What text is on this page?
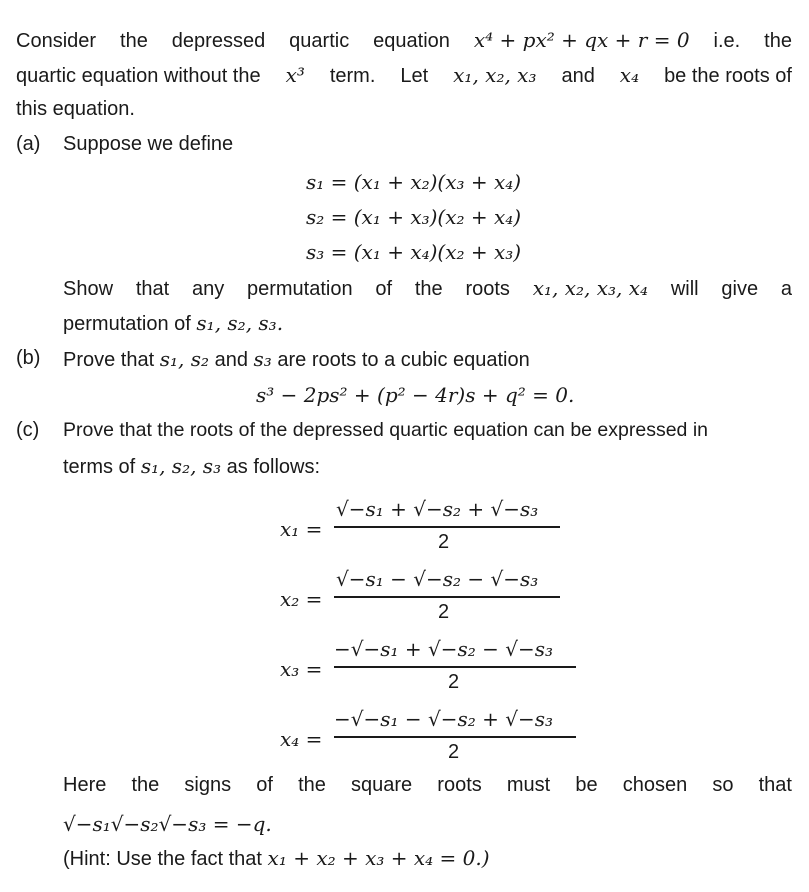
Consider the depressed quartic equation x⁴ + px² + qx + r = 0 i.e. the
quartic equation without the x³ term. Let x₁, x₂, x₃ and x₄ be the roots of
this equation.
(a) Suppose we define
s₁ = (x₁ + x₂)(x₃ + x₄)
s₂ = (x₁ + x₃)(x₂ + x₄)
s₃ = (x₁ + x₄)(x₂ + x₃)
Show that any permutation of the roots x₁, x₂, x₃, x₄ will give a
permutation of s₁, s₂, s₃.
(b) Prove that s₁, s₂ and s₃ are roots to a cubic equation
s³ − 2ps² + (p² − 4r)s + q² = 0.
(c) Prove that the roots of the depressed quartic equation can be expressed in
terms of s₁, s₂, s₃ as follows:
x₁ =
√−s₁ + √−s₂ + √−s₃
2
x₂ =
√−s₁ − √−s₂ − √−s₃
2
x₃ =
−√−s₁ + √−s₂ − √−s₃
2
x₄ =
−√−s₁ − √−s₂ + √−s₃
2
Here the signs of the square roots must be chosen so that
√−s₁√−s₂√−s₃ = −q.
(Hint: Use the fact that x₁ + x₂ + x₃ + x₄ = 0.)
